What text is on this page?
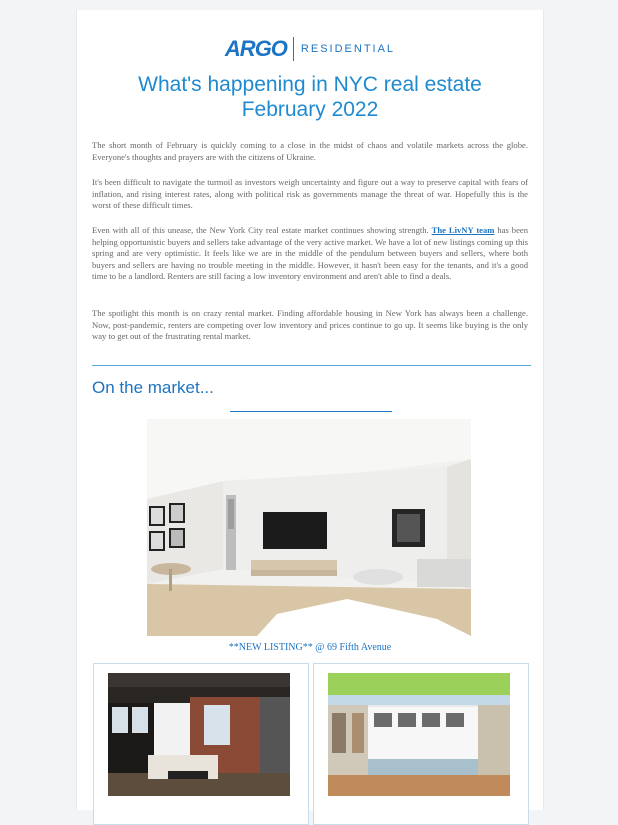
ARGO RESIDENTIAL
What's happening in NYC real estate
February 2022

The short month of February is quickly coming to a close in the midst of chaos and volatile markets across the globe. Everyone's thoughts and prayers are with the citizens of Ukraine.

It's been difficult to navigate the turmoil as investors weigh uncertainty and figure out a way to preserve capital with fears of inflation, and rising interest rates, along with political risk as governments manage the threat of war. Hopefully this is the worst of these difficult times.

Even with all of this unease, the New York City real estate market continues showing strength. The LivNY team has been helping opportunistic buyers and sellers take advantage of the very active market. We have a lot of new listings coming up this spring and are very optimistic. It feels like we are in the middle of the pendulum between buyers and sellers, where both buyers and sellers are having no trouble meeting in the middle. However, it hasn't been easy for the tenants, and it's a good time to be a landlord. Renters are still facing a low inventory environment and aren't able to find a deals.

The spotlight this month is on crazy rental market. Finding affordable housing in New York has always been a challenge. Now, post-pandemic, renters are competing over low inventory and prices continue to go up. It seems like buying is the only way to get out of the frustrating rental market.

On the market...
**NEW LISTING** @ 69 Fifth Avenue
